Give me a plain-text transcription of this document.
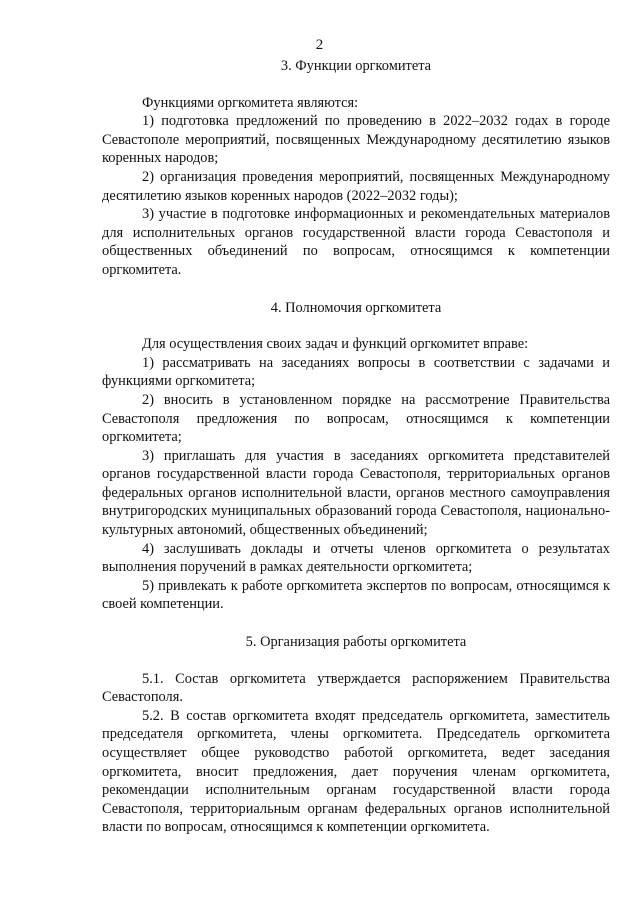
2

3. Функции оргкомитета

Функциями оргкомитета являются:

1) подготовка предложений по проведению в 2022–2032 годах в городе Севастополе мероприятий, посвященных Международному десятилетию языков коренных народов;

2) организация проведения мероприятий, посвященных Международному десятилетию языков коренных народов (2022–2032 годы);

3) участие в подготовке информационных и рекомендательных материалов для исполнительных органов государственной власти города Севастополя и общественных объединений по вопросам, относящимся к компетенции оргкомитета.

4. Полномочия оргкомитета

Для осуществления своих задач и функций оргкомитет вправе:

1) рассматривать на заседаниях вопросы в соответствии с задачами и функциями оргкомитета;

2) вносить в установленном порядке на рассмотрение Правительства Севастополя предложения по вопросам, относящимся к компетенции оргкомитета;

3) приглашать для участия в заседаниях оргкомитета представителей органов государственной власти города Севастополя, территориальных органов федеральных органов исполнительной власти, органов местного самоуправления внутригородских муниципальных образований города Севастополя, национально-культурных автономий, общественных объединений;

4) заслушивать доклады и отчеты членов оргкомитета о результатах выполнения поручений в рамках деятельности оргкомитета;

5) привлекать к работе оргкомитета экспертов по вопросам, относящимся к своей компетенции.

5. Организация работы оргкомитета

5.1. Состав оргкомитета утверждается распоряжением Правительства Севастополя.

5.2. В состав оргкомитета входят председатель оргкомитета, заместитель председателя оргкомитета, члены оргкомитета. Председатель оргкомитета осуществляет общее руководство работой оргкомитета, ведет заседания оргкомитета, вносит предложения, дает поручения членам оргкомитета, рекомендации исполнительным органам государственной власти города Севастополя, территориальным органам федеральных органов исполнительной власти по вопросам, относящимся к компетенции оргкомитета.
